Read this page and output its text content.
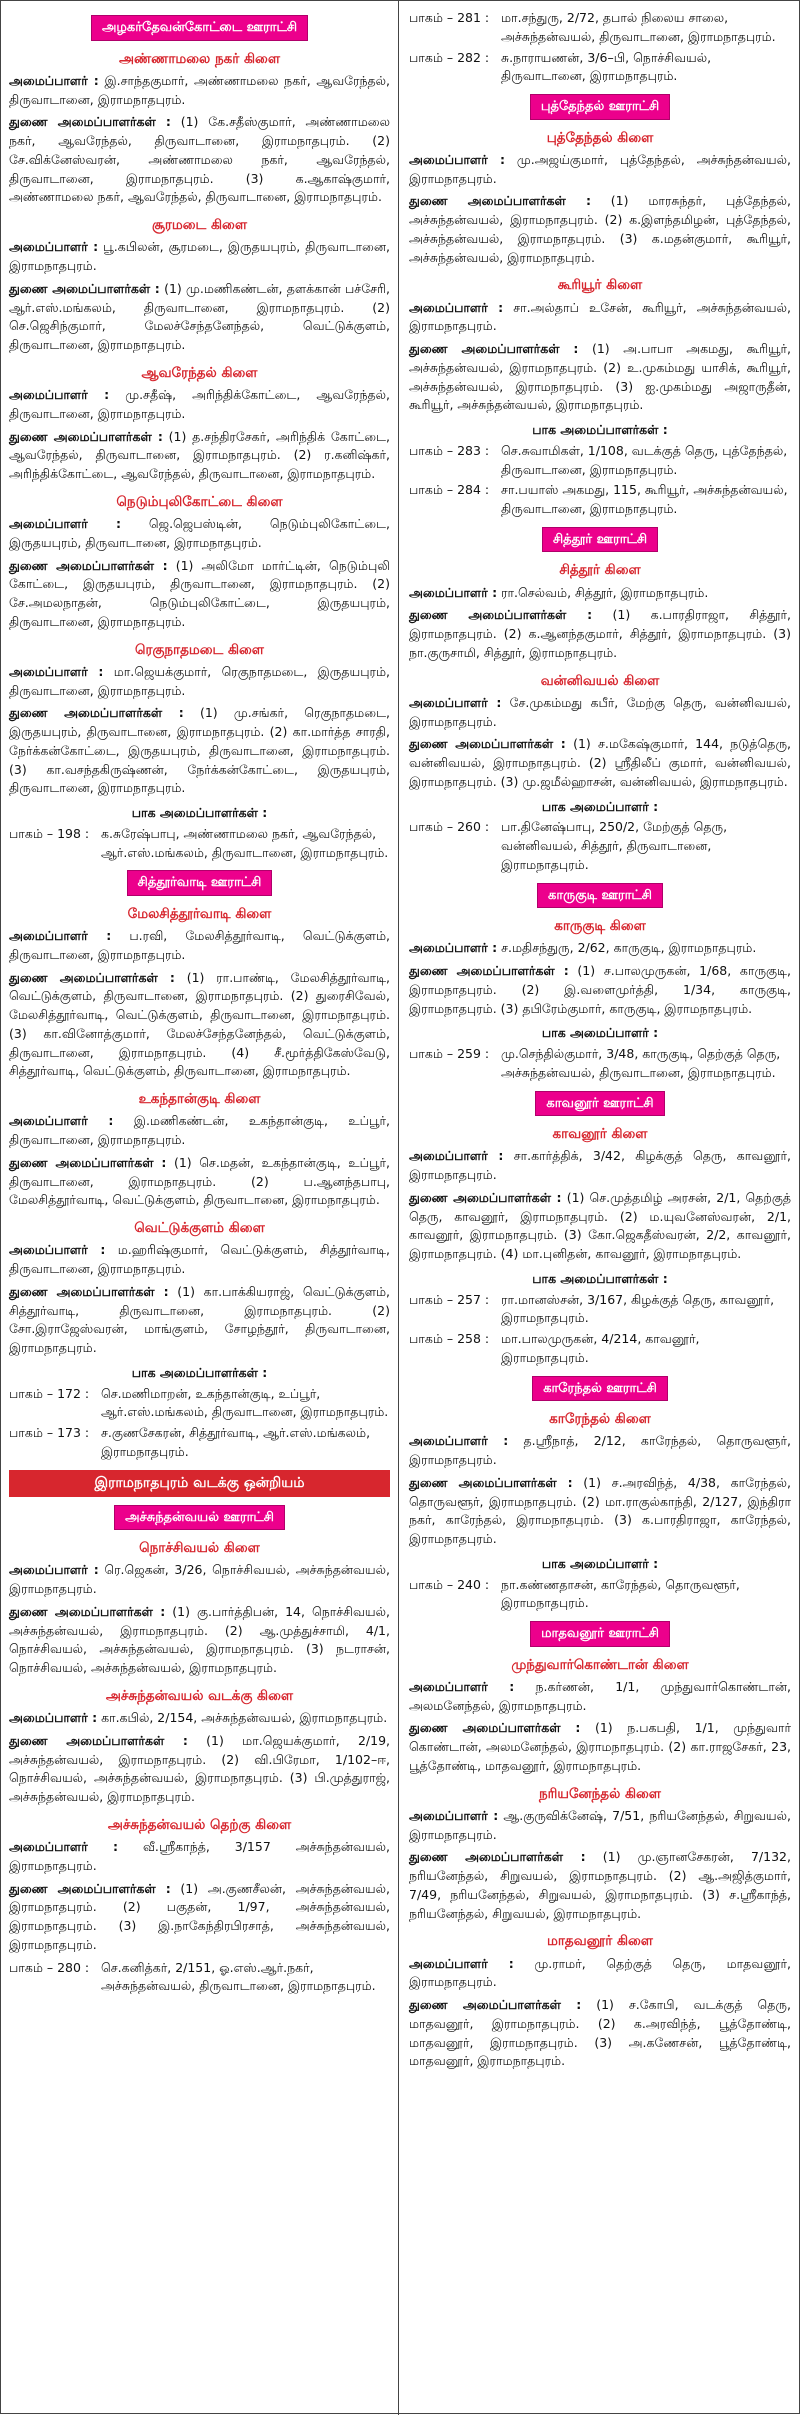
அழகர்தேவன்கோட்டை ஊராட்சி
அண்ணாமலை நகர் கிளை
அமைப்பாளர் : இ.சாந்தகுமார், அண்ணாமலை நகர், ஆவரேந்தல், திருவாடானை, இராமநாதபுரம்.
துணை அமைப்பாளர்கள் : (1) கே.சதீஸ்குமார், அண்ணாமலை நகர், ஆவரேந்தல், திருவாடானை, இராமநாதபுரம். (2) சே.விக்னேஸ்வரன், அண்ணாமலை நகர், ஆவரேந்தல், திருவாடானை, இராமநாதபுரம். (3) க.ஆகாஷ்குமார், அண்ணாமலை நகர், ஆவரேந்தல், திருவாடானை, இராமநாதபுரம்.
சூரமடை கிளை
அமைப்பாளர் : பூ.கபிலன், சூரமடை, இருதயபுரம், திருவாடானை, இராமநாதபுரம்.
துணை அமைப்பாளர்கள் : (1) மு.மணிகண்டன், தளக்கான் பச்சேரி, ஆர்.எஸ்.மங்கலம், திருவாடானை, இராமநாதபுரம். (2) செ.ஜெசிந்குமார், மேலச்சேந்தனேந்தல், வெட்டுக்குளம், திருவாடானை, இராமநாதபுரம்.
ஆவரேந்தல் கிளை
அமைப்பாளர் : மு.சதீஷ், அரிந்திக்கோட்டை, ஆவரேந்தல், திருவாடானை, இராமநாதபுரம்.
துணை அமைப்பாளர்கள் : (1) த.சந்திரசேகர், அரிந்திக் கோட்டை, ஆவரேந்தல், திருவாடானை, இராமநாதபுரம். (2) ர.கனிஷ்கர், அரிந்திக்கோட்டை, ஆவரேந்தல், திருவாடானை, இராமநாதபுரம்.
நெடும்புலிகோட்டை கிளை
அமைப்பாளர் : ஜெ.ஜெபஸ்டின், நெடும்புலிகோட்டை, இருதயபுரம், திருவாடானை, இராமநாதபுரம்.
துணை அமைப்பாளர்கள் : (1) அலிமோ மார்ட்டின், நெடும்புலி கோட்டை, இருதயபுரம், திருவாடானை, இராமநாதபுரம். (2) சே.அமலநாதன், நெடும்புலிகோட்டை, இருதயபுரம், திருவாடானை, இராமநாதபுரம்.
ரெகுநாதமடை கிளை
அமைப்பாளர் : மா.ஜெயக்குமார், ரெகுநாதமடை, இருதயபுரம், திருவாடானை, இராமநாதபுரம்.
துணை அமைப்பாளர்கள் : (1) மு.சங்கர், ரெகுநாதமடை, இருதயபுரம், திருவாடானை, இராமநாதபுரம். (2) கா.மார்த்த சாரதி, நேர்க்கன்கோட்டை, இருதயபுரம், திருவாடானை, இராமநாதபுரம். (3) கா.வசந்தகிருஷ்ணன், நேர்க்கன்கோட்டை, இருதயபுரம், திருவாடானை, இராமநாதபுரம்.
பாக அமைப்பாளர்கள் :
பாகம் – 198 : க.சுரேஷ்பாபு, அண்ணாமலை நகர், ஆவரேந்தல், ஆர்.எஸ்.மங்கலம், திருவாடானை, இராமநாதபுரம்.
சித்தூர்வாடி ஊராட்சி
மேலசித்தூர்வாடி கிளை
அமைப்பாளர் : ப.ரவி, மேலசித்தூர்வாடி, வெட்டுக்குளம், திருவாடானை, இராமநாதபுரம்.
துணை அமைப்பாளர்கள் : (1) ரா.பாண்டி, மேலசித்தூர்வாடி, வெட்டுக்குளம், திருவாடானை, இராமநாதபுரம். (2) துரைசிவேல், மேலசித்தூர்வாடி, வெட்டுக்குளம், திருவாடானை, இராமநாதபுரம். (3) கா.வினோத்குமார், மேலச்சேந்தனேந்தல், வெட்டுக்குளம், திருவாடானை, இராமநாதபுரம். (4) சீ.மூர்த்திகேஸ்வேடு, சித்தூர்வாடி, வெட்டுக்குளம், திருவாடானை, இராமநாதபுரம்.
உகந்தான்குடி கிளை
அமைப்பாளர் : இ.மணிகண்டன், உகந்தான்குடி, உப்பூர், திருவாடானை, இராமநாதபுரம்.
துணை அமைப்பாளர்கள் : (1) செ.மதன், உகந்தான்குடி, உப்பூர், திருவாடானை, இராமநாதபுரம். (2) ப.ஆனந்தபாபு, மேலசித்தூர்வாடி, வெட்டுக்குளம், திருவாடானை, இராமநாதபுரம்.
வெட்டுக்குளம் கிளை
அமைப்பாளர் : ம.ஹரிஷ்குமார், வெட்டுக்குளம், சித்தூர்வாடி, திருவாடானை, இராமநாதபுரம்.
துணை அமைப்பாளர்கள் : (1) கா.பாக்கியராஜ், வெட்டுக்குளம், சித்தூர்வாடி, திருவாடானை, இராமநாதபுரம். (2) சோ.இராஜேஸ்வரன், மாங்குளம், சோழந்தூர், திருவாடானை, இராமநாதபுரம்.
பாக அமைப்பாளர்கள் :
பாகம் – 172 : செ.மணிமாறன், உகந்தான்குடி, உப்பூர், ஆர்.எஸ்.மங்கலம், திருவாடானை, இராமநாதபுரம்.
பாகம் – 173 : ச.குணசேகரன், சித்தூர்வாடி, ஆர்.எஸ்.மங்கலம், இராமநாதபுரம்.
இராமநாதபுரம் வடக்கு ஒன்றியம்
அச்சுந்தன்வயல் ஊராட்சி
நொச்சிவயல் கிளை
அமைப்பாளர் : ரெ.ஜெகன், 3/26, நொச்சிவயல், அச்சுந்தன்வயல், இராமநாதபுரம்.
துணை அமைப்பாளர்கள் : (1) கு.பார்த்திபன், 14, நொச்சிவயல், அச்சுந்தன்வயல், இராமநாதபுரம். (2) ஆ.முத்துச்சாமி, 4/1, நொச்சிவயல், அச்சுந்தன்வயல், இராமநாதபுரம். (3) நடராசன், நொச்சிவயல், அச்சுந்தன்வயல், இராமநாதபுரம்.
அச்சுந்தன்வயல் வடக்கு கிளை
அமைப்பாளர் : கா.கபில், 2/154, அச்சுந்தன்வயல், இராமநாதபுரம்.
துணை அமைப்பாளர்கள் : (1) மா.ஜெயக்குமார், 2/19, அச்சுந்தன்வயல், இராமநாதபுரம். (2) வி.பிரேமா, 1/102–ஈ, நொச்சிவயல், அச்சுந்தன்வயல், இராமநாதபுரம். (3) பி.முத்துராஜ், அச்சுந்தன்வயல், இராமநாதபுரம்.
அச்சுந்தன்வயல் தெற்கு கிளை
அமைப்பாளர் : வீ.ஸ்ரீகாந்த், 3/157 அச்சுந்தன்வயல், இராமநாதபுரம்.
துணை அமைப்பாளர்கள் : (1) அ.குணசீலன், அச்சுந்தன்வயல், இராமநாதபுரம். (2) பகுதன், 1/97, அச்சுந்தன்வயல், இராமநாதபுரம். (3) இ.நாகேந்திரபிரசாத், அச்சுந்தன்வயல், இராமநாதபுரம்.
பாகம் – 280 : செ.கனித்கர், 2/151, ஓ.எஸ்.ஆர்.நகர், அச்சுந்தன்வயல், திருவாடானை, இராமநாதபுரம்.
பாகம் – 281 : மா.சந்துரு, 2/72, தபால் நிலைய சாலை, அச்சுந்தன்வயல், திருவாடானை, இராமநாதபுரம்.
பாகம் – 282 : சு.நாராயணன், 3/6–பி, நொச்சிவயல், திருவாடானை, இராமநாதபுரம்.
புத்தேந்தல் ஊராட்சி
புத்தேந்தல் கிளை
அமைப்பாளர் : மு.அஜய்குமார், புத்தேந்தல், அச்சுந்தன்வயல், இராமநாதபுரம்.
துணை அமைப்பாளர்கள் : (1) மாரசுந்தர், புத்தேந்தல், அச்சுந்தன்வயல், இராமநாதபுரம். (2) க.இளந்தமிழன், புத்தேந்தல், அச்சுந்தன்வயல், இராமநாதபுரம். (3) க.மதன்குமார், கூரியூர், அச்சுந்தன்வயல், இராமநாதபுரம்.
கூரியூர் கிளை
அமைப்பாளர் : சா.அல்தாப் உசேன், கூரியூர், அச்சுந்தன்வயல், இராமநாதபுரம்.
துணை அமைப்பாளர்கள் : (1) அ.பாபா அகமது, கூரியூர், அச்சுந்தன்வயல், இராமநாதபுரம். (2) உ.முகம்மது யாசிக், கூரியூர், அச்சுந்தன்வயல், இராமநாதபுரம். (3) ஐ.முகம்மது அஜாருதீன், கூரியூர், அச்சுந்தன்வயல், இராமநாதபுரம்.
பாக அமைப்பாளர்கள் :
பாகம் – 283 : செ.சுவாமிகள், 1/108, வடக்குத் தெரு, புத்தேந்தல், திருவாடானை, இராமநாதபுரம்.
பாகம் – 284 : சா.பயாஸ் அகமது, 115, கூரியூர், அச்சுந்தன்வயல், திருவாடானை, இராமநாதபுரம்.
சித்தூர் ஊராட்சி
சித்தூர் கிளை
அமைப்பாளர் : ரா.செல்வம், சித்தூர், இராமநாதபுரம்.
துணை அமைப்பாளர்கள் : (1) க.பாரதிராஜா, சித்தூர், இராமநாதபுரம். (2) க.ஆனந்தகுமார், சித்தூர், இராமநாதபுரம். (3) நா.குருசாமி, சித்தூர், இராமநாதபுரம்.
வன்னிவயல் கிளை
அமைப்பாளர் : சே.முகம்மது கபீர், மேற்கு தெரு, வன்னிவயல், இராமநாதபுரம்.
துணை அமைப்பாளர்கள் : (1) ச.மகேஷ்குமார், 144, நடுத்தெரு, வன்னிவயல், இராமநாதபுரம். (2) ஸ்ரீதிலீப் குமார், வன்னிவயல், இராமநாதபுரம். (3) மு.ஜமீல்ஹாசன், வன்னிவயல், இராமநாதபுரம்.
பாக அமைப்பாளர் :
பாகம் – 260 : பா.தினேஷ்பாபு, 250/2, மேற்குத் தெரு, வன்னிவயல், சித்தூர், திருவாடானை, இராமநாதபுரம்.
காருகுடி ஊராட்சி
காருகுடி கிளை
அமைப்பாளர் : ச.மதிசந்துரு, 2/62, காருகுடி, இராமநாதபுரம்.
துணை அமைப்பாளர்கள் : (1) ச.பாலமுருகன், 1/68, காருகுடி, இராமநாதபுரம். (2) இ.வளைமுர்த்தி, 1/34, காருகுடி, இராமநாதபுரம். (3) தபிரேம்குமார், காருகுடி, இராமநாதபுரம்.
பாக அமைப்பாளர் :
பாகம் – 259 : மு.செந்தில்குமார், 3/48, காருகுடி, தெற்குத் தெரு, அச்சுந்தன்வயல், திருவாடானை, இராமநாதபுரம்.
காவனூர் ஊராட்சி
காவனூர் கிளை
அமைப்பாளர் : சா.கார்த்திக், 3/42, கிழக்குத் தெரு, காவனூர், இராமநாதபுரம்.
துணை அமைப்பாளர்கள் : (1) செ.முத்தமிழ் அரசன், 2/1, தெற்குத் தெரு, காவனூர், இராமநாதபுரம். (2) ம.யுவனேஸ்வரன், 2/1, காவனூர், இராமநாதபுரம். (3) கோ.ஜெகதீஸ்வரன், 2/2, காவனூர், இராமநாதபுரம். (4) மா.புனிதன், காவனூர், இராமநாதபுரம்.
பாக அமைப்பாளர்கள் :
பாகம் – 257 : ரா.மானஸ்சன், 3/167, கிழக்குத் தெரு, காவனூர், இராமநாதபுரம்.
பாகம் – 258 : மா.பாலமுருகன், 4/214, காவனூர், இராமநாதபுரம்.
காரேந்தல் ஊராட்சி
காரேந்தல் கிளை
அமைப்பாளர் : த.ஸ்ரீநாத், 2/12, காரேந்தல், தொருவளூர், இராமநாதபுரம்.
துணை அமைப்பாளர்கள் : (1) ச.அரவிந்த், 4/38, காரேந்தல், தொருவளூர், இராமநாதபுரம். (2) மா.ராகுல்காந்தி, 2/127, இந்திரா நகர், காரேந்தல், இராமநாதபுரம். (3) க.பாரதிராஜா, காரேந்தல், இராமநாதபுரம்.
பாக அமைப்பாளர் :
பாகம் – 240 : நா.கண்ணதாசன், காரேந்தல், தொருவளூர், இராமநாதபுரம்.
மாதவனூர் ஊராட்சி
முந்துவார்கொண்டான் கிளை
அமைப்பாளர் : ந.கர்ணன், 1/1, முந்துவார்கொண்டான், அலமனேந்தல், இராமநாதபுரம்.
துணை அமைப்பாளர்கள் : (1) ந.பகபதி, 1/1, முந்துவார் கொண்டான், அலமனேந்தல், இராமநாதபுரம். (2) கா.ராஜசேகர், 23, பூத்தோண்டி, மாதவனூர், இராமநாதபுரம்.
நரியனேந்தல் கிளை
அமைப்பாளர் : ஆ.குருவிக்னேஷ், 7/51, நரியனேந்தல், சிறுவயல், இராமநாதபுரம்.
துணை அமைப்பாளர்கள் : (1) மு.ஞானசேகரன், 7/132, நரியனேந்தல், சிறுவயல், இராமநாதபுரம். (2) ஆ.அஜித்குமார், 7/49, நரியனேந்தல், சிறுவயல், இராமநாதபுரம். (3) ச.ஸ்ரீகாந்த், நரியனேந்தல், சிறுவயல், இராமநாதபுரம்.
மாதவனூர் கிளை
அமைப்பாளர் : மு.ராமர், தெற்குத் தெரு, மாதவனூர், இராமநாதபுரம்.
துணை அமைப்பாளர்கள் : (1) ச.கோபி, வடக்குத் தெரு, மாதவனூர், இராமநாதபுரம். (2) க.அரவிந்த், பூத்தோண்டி, மாதவனூர், இராமநாதபுரம். (3) அ.கணேசன், பூத்தோண்டி, மாதவனூர், இராமநாதபுரம்.
